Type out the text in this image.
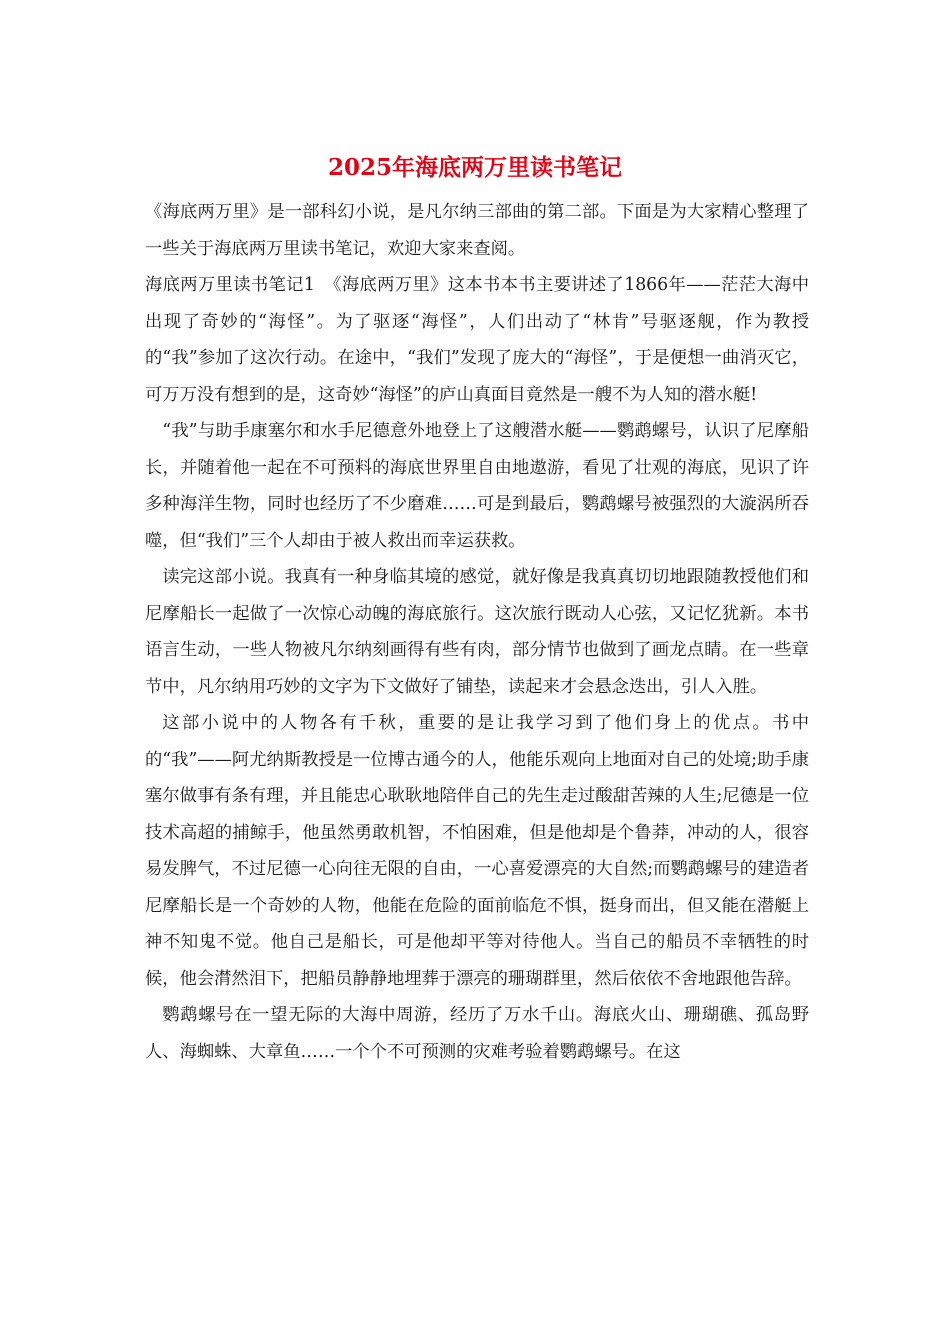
2025年海底两万里读书笔记

《海底两万里》是一部科幻小说，是凡尔纳三部曲的第二部。下面是为大家精心整理了一些关于海底两万里读书笔记，欢迎大家来查阅。

海底两万里读书笔记1　《海底两万里》这本书本书主要讲述了1866年——茫茫大海中出现了奇妙的“海怪”。为了驱逐“海怪”，人们出动了“林肯”号驱逐舰，作为教授的“我”参加了这次行动。在途中，“我们”发现了庞大的“海怪”，于是便想一曲消灭它，可万万没有想到的是，这奇妙“海怪”的庐山真面目竟然是一艘不为人知的潜水艇!

“我”与助手康塞尔和水手尼德意外地登上了这艘潜水艇——鹦鹉螺号，认识了尼摩船长，并随着他一起在不可预料的海底世界里自由地遨游，看见了壮观的海底，见识了许多种海洋生物，同时也经历了不少磨难……可是到最后，鹦鹉螺号被强烈的大漩涡所吞噬，但“我们”三个人却由于被人救出而幸运获救。

读完这部小说。我真有一种身临其境的感觉，就好像是我真真切切地跟随教授他们和尼摩船长一起做了一次惊心动魄的海底旅行。这次旅行既动人心弦，又记忆犹新。本书语言生动，一些人物被凡尔纳刻画得有些有肉，部分情节也做到了画龙点睛。在一些章节中，凡尔纳用巧妙的文字为下文做好了铺垫，读起来才会悬念迭出，引人入胜。

这部小说中的人物各有千秋，重要的是让我学习到了他们身上的优点。书中的“我”——阿尤纳斯教授是一位博古通今的人，他能乐观向上地面对自己的处境;助手康塞尔做事有条有理，并且能忠心耿耿地陪伴自己的先生走过酸甜苦辣的人生;尼德是一位技术高超的捕鲸手，他虽然勇敢机智，不怕困难，但是他却是个鲁莽，冲动的人，很容易发脾气，不过尼德一心向往无限的自由，一心喜爱漂亮的大自然;而鹦鹉螺号的建造者尼摩船长是一个奇妙的人物，他能在危险的面前临危不惧，挺身而出，但又能在潜艇上神不知鬼不觉。他自己是船长，可是他却平等对待他人。当自己的船员不幸牺牲的时候，他会潸然泪下，把船员静静地埋葬于漂亮的珊瑚群里，然后依依不舍地跟他告辞。

鹦鹉螺号在一望无际的大海中周游，经历了万水千山。海底火山、珊瑚礁、孤岛野人、海蜘蛛、大章鱼……一个个不可预测的灾难考验着鹦鹉螺号。在这
